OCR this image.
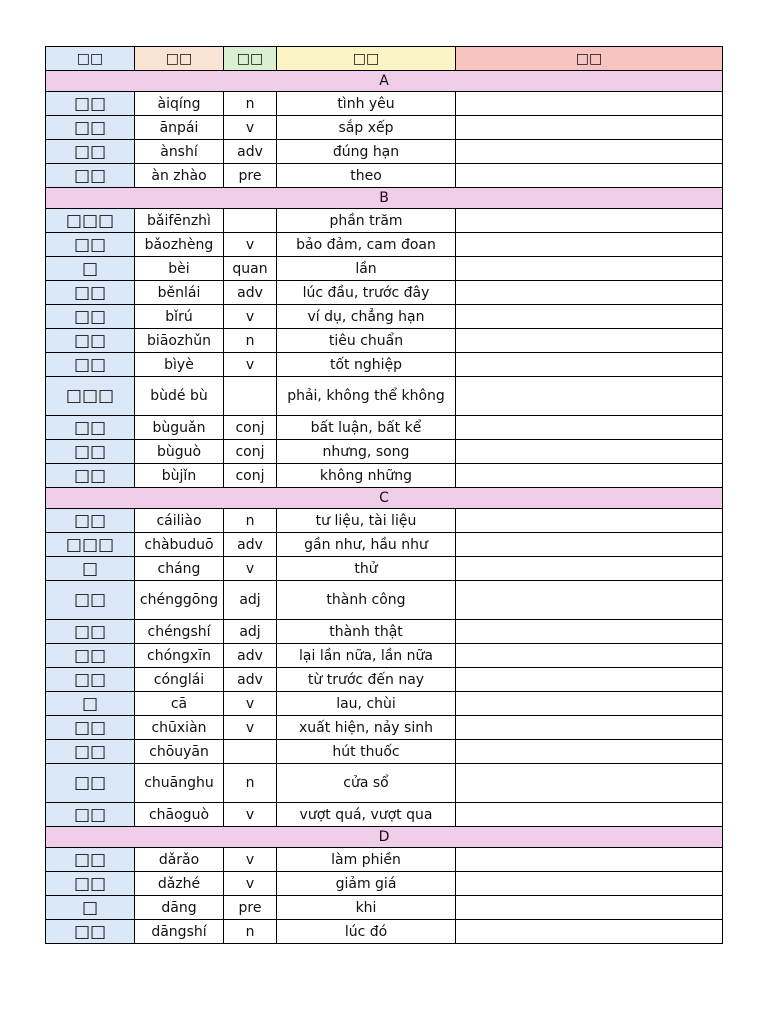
□□	□□	□□	□□	□□
A				
□□	àiqíng	n	tình yêu	
□□	ānpái	v	sắp xếp	
□□	ànshí	adv	đúng hạn	
□□	àn zhào	pre	theo	
B				
□□□	bǎifēnzhì		phần trăm	
□□	bǎozhèng	v	bảo đảm, cam đoan	
□	bèi	quan	lần	
□□	běnlái	adv	lúc đầu, trước đây	
□□	bǐrú	v	ví dụ, chẳng hạn	
□□	biāozhǔn	n	tiêu chuẩn	
□□	bìyè	v	tốt nghiệp	
□□□	bùdé bù		phải, không thể không	
□□	bùguǎn	conj	bất luận, bất kể	
□□	bùguò	conj	nhưng, song	
□□	bùjǐn	conj	không những	
C				
□□	cáiliào	n	tư liệu, tài liệu	
□□□	chàbuduō	adv	gần như, hầu như	
□	cháng	v	thử	
□□	chénggōng	adj	thành công	
□□	chéngshí	adj	thành thật	
□□	chóngxīn	adv	lại lần nữa, lần nữa	
□□	cónglái	adv	từ trước đến nay	
□	cā	v	lau, chùi	
□□	chūxiàn	v	xuất hiện, nảy sinh	
□□	chōuyān		hút thuốc	
□□	chuānghu	n	cửa sổ	
□□	chāoguò	v	vượt quá, vượt qua	
D				
□□	dǎrǎo	v	làm phiền	
□□	dǎzhé	v	giảm giá	
□	dāng	pre	khi	
□□	dāngshí	n	lúc đó	
